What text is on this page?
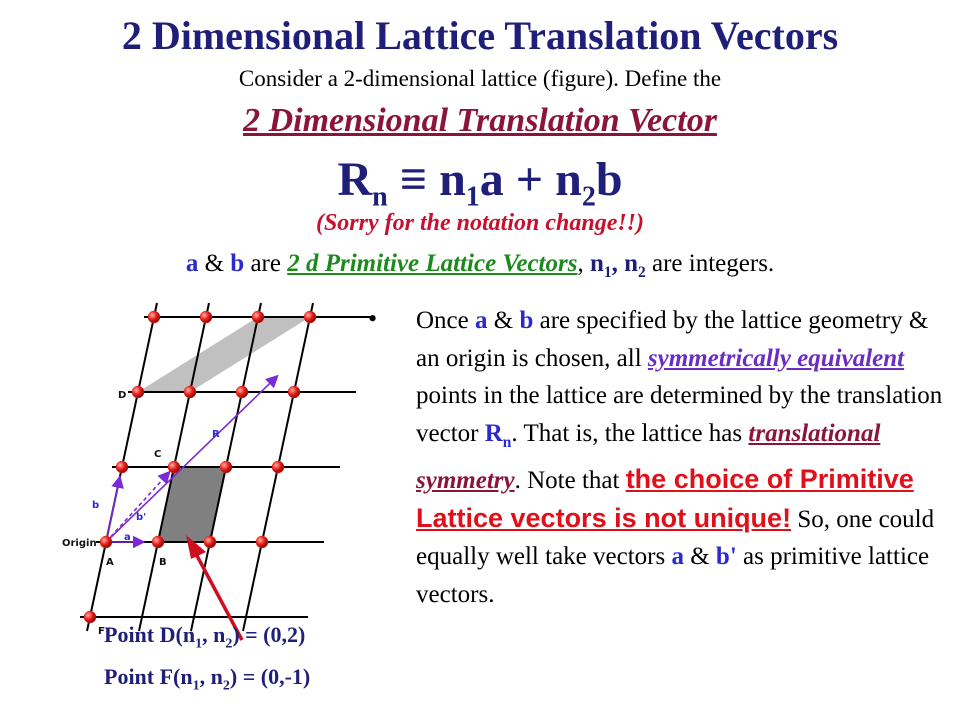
2 Dimensional Lattice Translation Vectors
Consider a 2-dimensional lattice (figure). Define the
2 Dimensional Translation Vector
$R_n \equiv n_1a + n_2b$
(Sorry for the notation change!!)
a & b are 2 d Primitive Lattice Vectors, $n_1$, $n_2$ are integers.
• Once a & b are specified by the lattice geometry & an origin is chosen, all symmetrically equivalent points in the lattice are determined by the translation vector $R_n$. That is, the lattice has translational symmetry. Note that the choice of Primitive Lattice vectors is not unique! So, one could equally well take vectors a & b' as primitive lattice vectors.
D
C
R
b
b'
Origin
a
A	B
F Point $D(n_1$, $n_2) = (0,2)$
Point $F(n_1$, $n_2) = (0,-1)$
